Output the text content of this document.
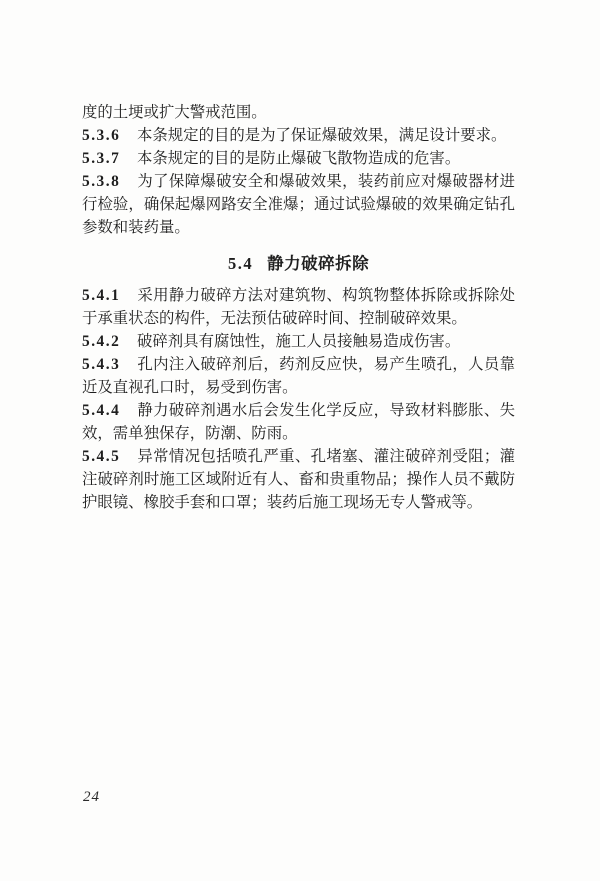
度的土埂或扩大警戒范围。

5.3.6 本条规定的目的是为了保证爆破效果，满足设计要求。

5.3.7 本条规定的目的是防止爆破飞散物造成的危害。

5.3.8 为了保障爆破安全和爆破效果，装药前应对爆破器材进行检验，确保起爆网路安全准爆；通过试验爆破的效果确定钻孔参数和装药量。

5.4 静力破碎拆除

5.4.1 采用静力破碎方法对建筑物、构筑物整体拆除或拆除处于承重状态的构件，无法预估破碎时间、控制破碎效果。

5.4.2 破碎剂具有腐蚀性，施工人员接触易造成伤害。

5.4.3 孔内注入破碎剂后，药剂反应快，易产生喷孔，人员靠近及直视孔口时，易受到伤害。

5.4.4 静力破碎剂遇水后会发生化学反应，导致材料膨胀、失效，需单独保存，防潮、防雨。

5.4.5 异常情况包括喷孔严重、孔堵塞、灌注破碎剂受阻；灌注破碎剂时施工区域附近有人、畜和贵重物品；操作人员不戴防护眼镜、橡胶手套和口罩；装药后施工现场无专人警戒等。

24
